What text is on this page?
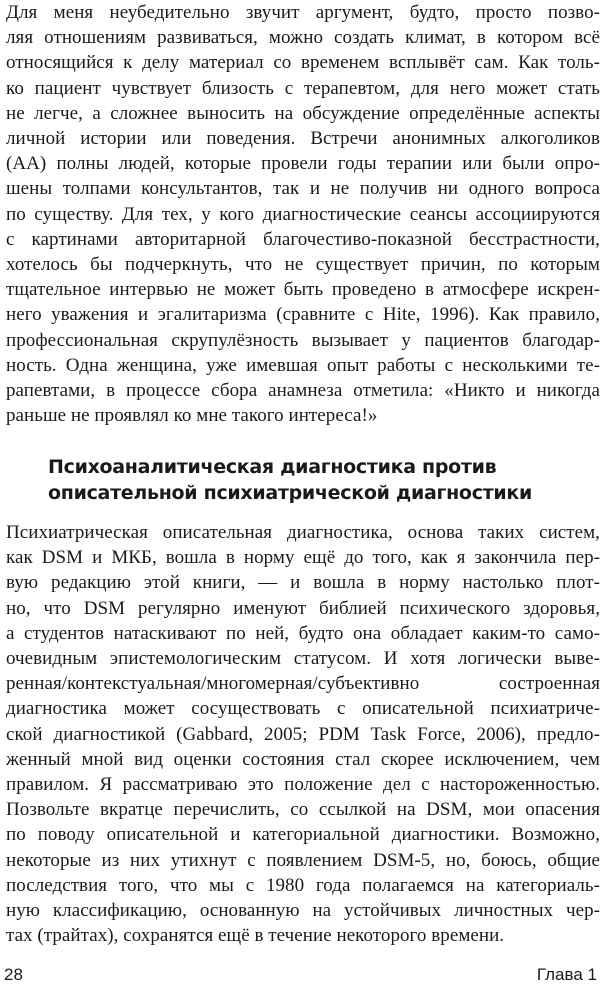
Для меня неубедительно звучит аргумент, будто, просто позво-
ляя отношениям развиваться, можно создать климат, в котором всё
относящийся к делу материал со временем всплывёт сам. Как толь-
ко пациент чувствует близость с терапевтом, для него может стать
не легче, а сложнее выносить на обсуждение определённые аспекты
личной истории или поведения. Встречи анонимных алкоголиков
(АА) полны людей, которые провели годы терапии или были опро-
шены толпами консультантов, так и не получив ни одного вопроса
по существу. Для тех, у кого диагностические сеансы ассоциируются
с картинами авторитарной благочестиво-показной бесстрастности,
хотелось бы подчеркнуть, что не существует причин, по которым
тщательное интервью не может быть проведено в атмосфере искрен-
него уважения и эгалитаризма (сравните с Hite, 1996). Как правило,
профессиональная скрупулёзность вызывает у пациентов благодар-
ность. Одна женщина, уже имевшая опыт работы с несколькими те-
рапевтами, в процессе сбора анамнеза отметила: «Никто и никогда
раньше не проявлял ко мне такого интереса!»
Психоаналитическая диагностика против
описательной психиатрической диагностики
Психиатрическая описательная диагностика, основа таких систем,
как DSM и МКБ, вошла в норму ещё до того, как я закончила пер-
вую редакцию этой книги, — и вошла в норму настолько плот-
но, что DSM регулярно именуют библией психического здоровья,
а студентов натаскивают по ней, будто она обладает каким-то само-
очевидным эпистемологическим статусом. И хотя логически выве-
ренная/контекстуальная/многомерная/субъективно состроенная
диагностика может сосуществовать с описательной психиатриче-
ской диагностикой (Gabbard, 2005; PDM Task Force, 2006), предло-
женный мной вид оценки состояния стал скорее исключением, чем
правилом. Я рассматриваю это положение дел с настороженностью.
Позвольте вкратце перечислить, со ссылкой на DSM, мои опасения
по поводу описательной и категориальной диагностики. Возможно,
некоторые из них утихнут с появлением DSM-5, но, боюсь, общие
последствия того, что мы с 1980 года полагаемся на категориаль-
ную классификацию, основанную на устойчивых личностных чер-
тах (трайтах), сохранятся ещё в течение некоторого времени.
28	Глава 1
